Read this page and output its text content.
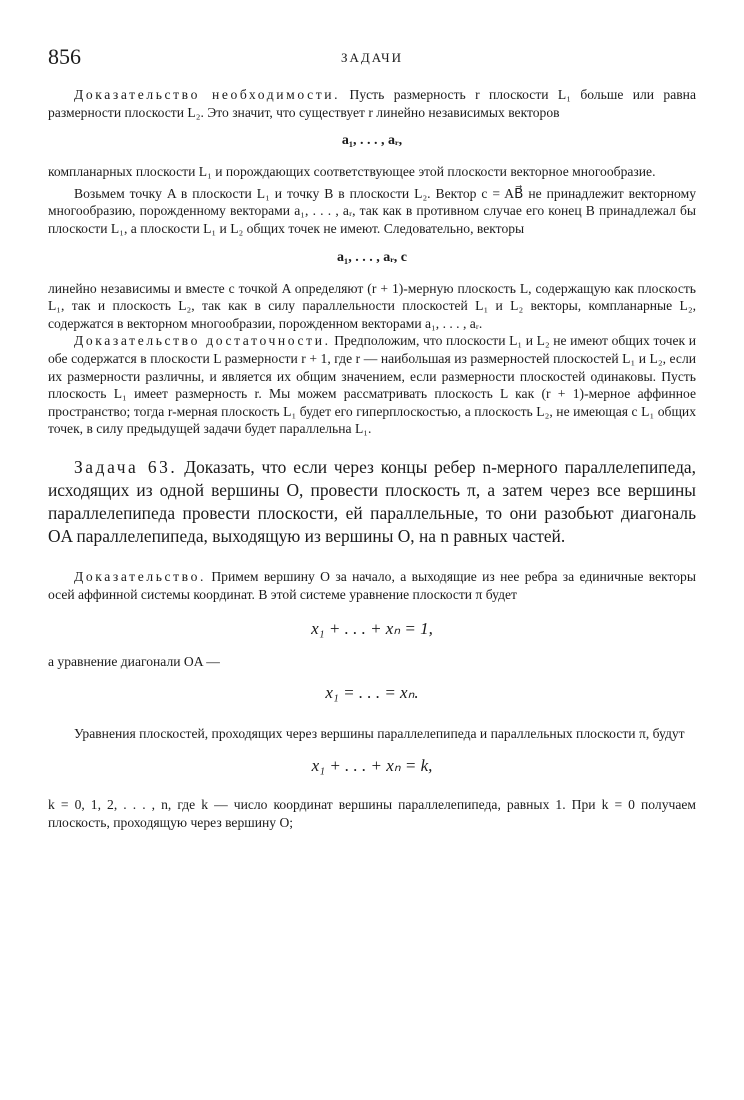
856	ЗАДАЧИ

Доказательство необходимости. Пусть размерность r плоскости L₁ больше или равна размерности плоскости L₂. Это значит, что существует r линейно независимых векторов

a₁, . . . , aᵣ,

компланарных плоскости L₁ и порождающих соответствующее этой плоскости векторное многообразие.

Возьмем точку A в плоскости L₁ и точку B в плоскости L₂. Вектор c = AB⃗ не принадлежит векторному многообразию, порожденному векторами a₁, . . . , aᵣ, так как в противном случае его конец B принадлежал бы плоскости L₁, а плоскости L₁ и L₂ общих точек не имеют. Следовательно, векторы

a₁, . . . , aᵣ, c

линейно независимы и вместе с точкой A определяют (r + 1)-мерную плоскость L, содержащую как плоскость L₁, так и плоскость L₂, так как в силу параллельности плоскостей L₁ и L₂ векторы, компланарные L₂, содержатся в векторном многообразии, порожденном векторами a₁, . . . , aᵣ.

Доказательство достаточности. Предположим, что плоскости L₁ и L₂ не имеют общих точек и обе содержатся в плоскости L размерности r + 1, где r — наибольшая из размерностей плоскостей L₁ и L₂, если их размерности различны, и является их общим значением, если размерности плоскостей одинаковы. Пусть плоскость L₁ имеет размерность r. Мы можем рассматривать плоскость L как (r + 1)-мерное аффинное пространство; тогда r-мерная плоскость L₁ будет его гиперплоскостью, а плоскость L₂, не имеющая с L₁ общих точек, в силу предыдущей задачи будет параллельна L₁.

Задача 63. Доказать, что если через концы ребер n-мерного параллелепипеда, исходящих из одной вершины O, провести плоскость π, а затем через все вершины параллелепипеда провести плоскости, ей параллельные, то они разобьют диагональ OA параллелепипеда, выходящую из вершины O, на n равных частей.

Доказательство. Примем вершину O за начало, а выходящие из нее ребра за единичные векторы осей аффинной системы координат. В этой системе уравнение плоскости π будет

x₁ + . . . + xₙ = 1,

а уравнение диагонали OA —

x₁ = . . . = xₙ.

Уравнения плоскостей, проходящих через вершины параллелепипеда и параллельных плоскости π, будут

x₁ + . . . + xₙ = k,

k = 0, 1, 2, . . . , n, где k — число координат вершины параллелепипеда, равных 1. При k = 0 получаем плоскость, проходящую через вершину O;
